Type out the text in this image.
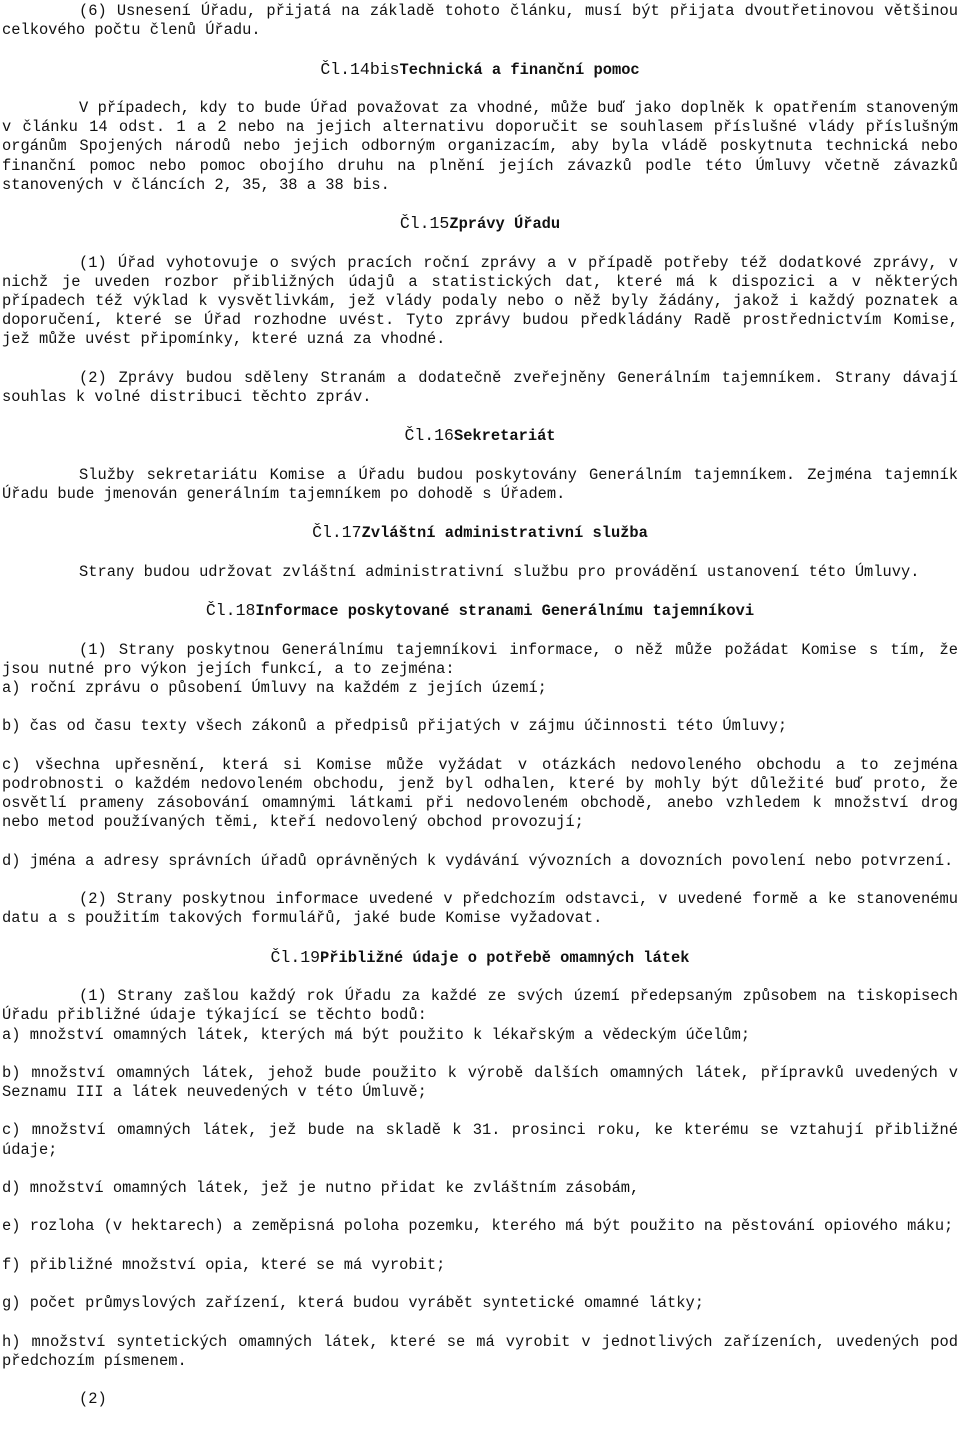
(6) Usnesení Úřadu, přijatá na základě tohoto článku, musí být přijata dvoutřetinovou většinou celkového počtu členů Úřadu.

Čl.14bisTechnická a finanční pomoc

V případech, kdy to bude Úřad považovat za vhodné, může buď jako doplněk k opatřením stanoveným v článku 14 odst. 1 a 2 nebo na jejich alternativu doporučit se souhlasem příslušné vlády příslušným orgánům Spojených národů nebo jejich odborným organizacím, aby byla vládě poskytnuta technická nebo finanční pomoc nebo pomoc obojího druhu na plnění jejích závazků podle této Úmluvy včetně závazků stanovených v článcích 2, 35, 38 a 38 bis.

Čl.15Zprávy Úřadu

(1) Úřad vyhotovuje o svých pracích roční zprávy a v případě potřeby též dodatkové zprávy, v nichž je uveden rozbor přibližných údajů a statistických dat, které má k dispozici a v některých případech též výklad k vysvětlivkám, jež vlády podaly nebo o něž byly žádány, jakož i každý poznatek a doporučení, které se Úřad rozhodne uvést. Tyto zprávy budou předkládány Radě prostřednictvím Komise, jež může uvést připomínky, které uzná za vhodné.

(2) Zprávy budou sděleny Stranám a dodatečně zveřejněny Generálním tajemníkem. Strany dávají souhlas k volné distribuci těchto zpráv.

Čl.16Sekretariát

Služby sekretariátu Komise a Úřadu budou poskytovány Generálním tajemníkem. Zejména tajemník Úřadu bude jmenován generálním tajemníkem po dohodě s Úřadem.

Čl.17Zvláštní administrativní služba

Strany budou udržovat zvláštní administrativní službu pro provádění ustanovení této Úmluvy.

Čl.18Informace poskytované stranami Generálnímu tajemníkovi

(1) Strany poskytnou Generálnímu tajemníkovi informace, o něž může požádat Komise s tím, že jsou nutné pro výkon jejích funkcí, a to zejména:

a) roční zprávu o působení Úmluvy na každém z jejích území;

b) čas od času texty všech zákonů a předpisů přijatých v zájmu účinnosti této Úmluvy;

c) všechna upřesnění, která si Komise může vyžádat v otázkách nedovoleného obchodu a to zejména podrobnosti o každém nedovoleném obchodu, jenž byl odhalen, které by mohly být důležité buď proto, že osvětlí prameny zásobování omamnými látkami při nedovoleném obchodě, anebo vzhledem k množství drog nebo metod používaných těmi, kteří nedovolený obchod provozují;

d) jména a adresy správních úřadů oprávněných k vydávání vývozních a dovozních povolení nebo potvrzení.

(2) Strany poskytnou informace uvedené v předchozím odstavci, v uvedené formě a ke stanovenému datu a s použitím takových formulářů, jaké bude Komise vyžadovat.

Čl.19Přibližné údaje o potřebě omamných látek

(1) Strany zašlou každý rok Úřadu za každé ze svých území předepsaným způsobem na tiskopisech Úřadu přibližné údaje týkající se těchto bodů:

a) množství omamných látek, kterých má být použito k lékařským a vědeckým účelům;

b) množství omamných látek, jehož bude použito k výrobě dalších omamných látek, přípravků uvedených v Seznamu III a látek neuvedených v této Úmluvě;

c) množství omamných látek, jež bude na skladě k 31. prosinci roku, ke kterému se vztahují přibližné údaje;

d) množství omamných látek, jež je nutno přidat ke zvláštním zásobám,

e) rozloha (v hektarech) a zeměpisná poloha pozemku, kterého má být použito na pěstování opiového máku;

f) přibližné množství opia, které se má vyrobit;

g) počet průmyslových zařízení, která budou vyrábět syntetické omamné látky;

h) množství syntetických omamných látek, které se má vyrobit v jednotlivých zařízeních, uvedených pod předchozím písmenem.

(2)
